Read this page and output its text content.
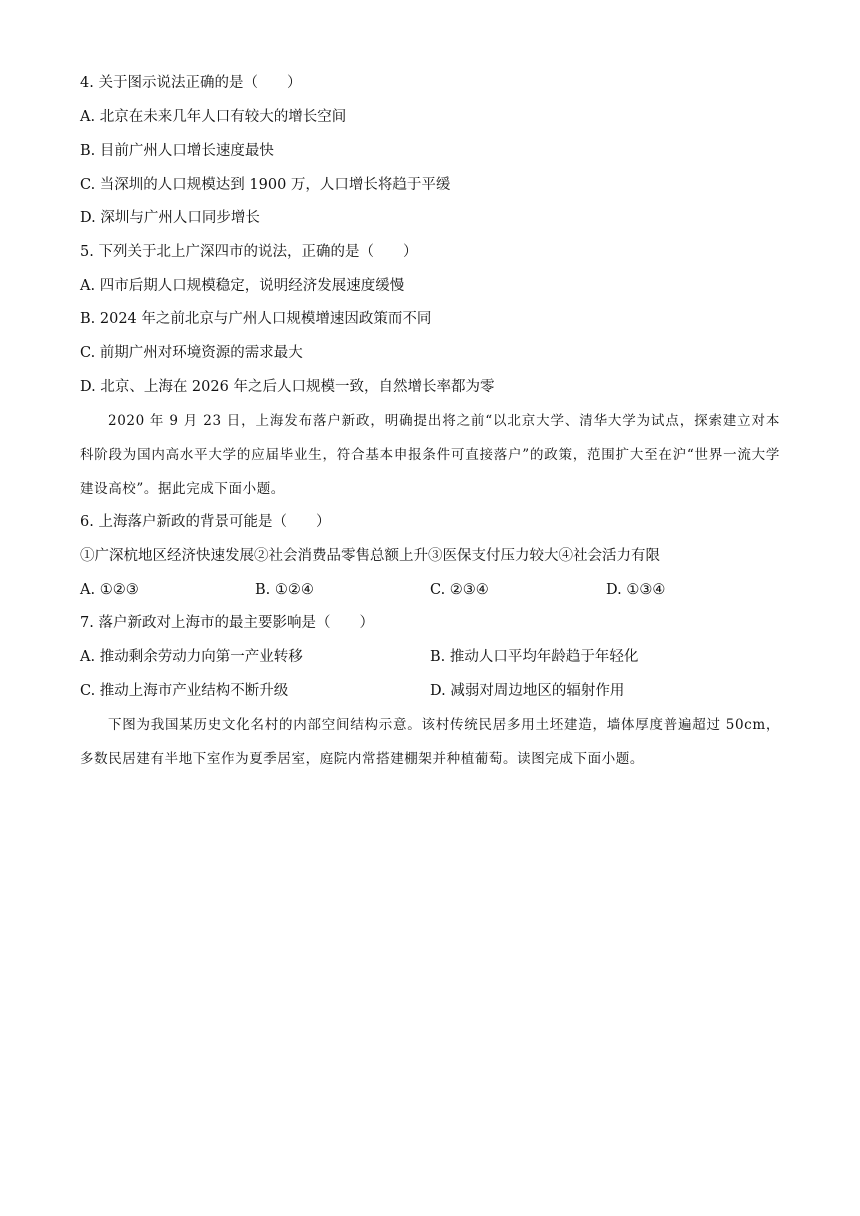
4. 关于图示说法正确的是（　　）
A. 北京在未来几年人口有较大的增长空间
B. 目前广州人口增长速度最快
C. 当深圳的人口规模达到 1900 万，人口增长将趋于平缓
D. 深圳与广州人口同步增长
5. 下列关于北上广深四市的说法，正确的是（　　）
A. 四市后期人口规模稳定，说明经济发展速度缓慢
B. 2024 年之前北京与广州人口规模增速因政策而不同
C. 前期广州对环境资源的需求最大
D. 北京、上海在 2026 年之后人口规模一致，自然增长率都为零
2020 年 9 月 23 日，上海发布落户新政，明确提出将之前“以北京大学、清华大学为试点，探索建立对本科阶段为国内高水平大学的应届毕业生，符合基本申报条件可直接落户”的政策，范围扩大至在沪“世界一流大学建设高校”。据此完成下面小题。
6. 上海落户新政的背景可能是（　　）
①广深杭地区经济快速发展②社会消费品零售总额上升③医保支付压力较大④社会活力有限
A. ①②③	B. ①②④	C. ②③④	D. ①③④
7. 落户新政对上海市的最主要影响是（　　）
A. 推动剩余劳动力向第一产业转移	B. 推动人口平均年龄趋于年轻化
C. 推动上海市产业结构不断升级	D. 减弱对周边地区的辐射作用
下图为我国某历史文化名村的内部空间结构示意。该村传统民居多用土坯建造，墙体厚度普遍超过 50cm，多数民居建有半地下室作为夏季居室，庭院内常搭建棚架并种植葡萄。读图完成下面小题。
